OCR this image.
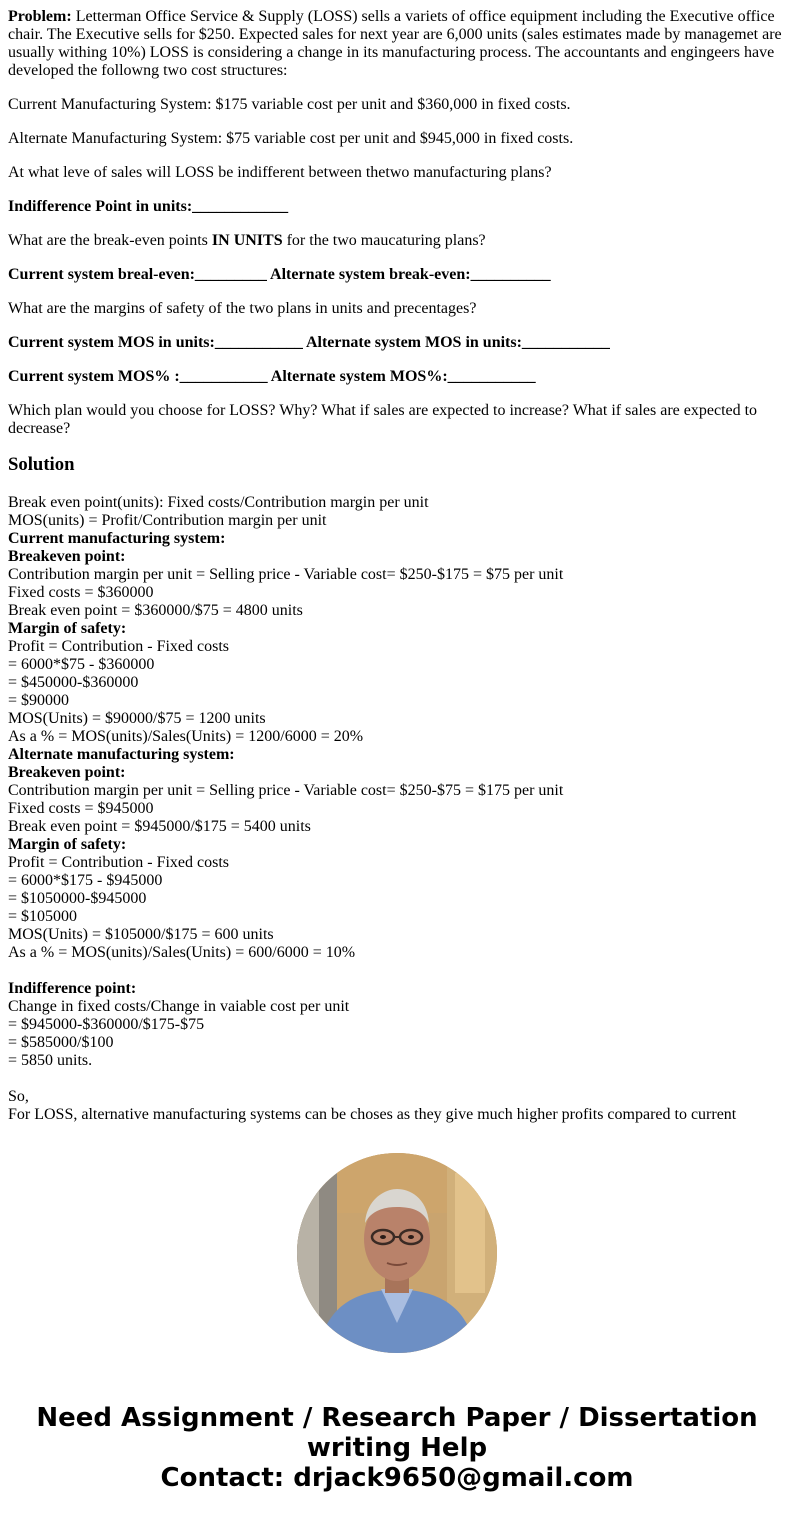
Problem: Letterman Office Service & Supply (LOSS) sells a variets of office equipment including the Executive office chair. The Executive sells for $250. Expected sales for next year are 6,000 units (sales estimates made by managemet are usually withing 10%) LOSS is considering a change in its manufacturing process. The accountants and engingeers have developed the followng two cost structures:

Current Manufacturing System: $175 variable cost per unit and $360,000 in fixed costs.

Alternate Manufacturing System: $75 variable cost per unit and $945,000 in fixed costs.

At what leve of sales will LOSS be indifferent between thetwo manufacturing plans?

Indifference Point in units:____________

What are the break-even points IN UNITS for the two maucaturing plans?

Current system breal-even:_________ Alternate system break-even:__________

What are the margins of safety of the two plans in units and precentages?

Current system MOS in units:___________ Alternate system MOS in units:___________

Current system MOS% :___________ Alternate system MOS%:___________

Which plan would you choose for LOSS? Why? What if sales are expected to increase? What if sales are expected to decrease?

Solution
Break even point(units): Fixed costs/Contribution margin per unit
MOS(units) = Profit/Contribution margin per unit
Current manufacturing system:
Breakeven point:
Contribution margin per unit = Selling price - Variable cost= $250-$175 = $75 per unit
Fixed costs = $360000
Break even point = $360000/$75 = 4800 units
Margin of safety:
Profit = Contribution - Fixed costs
= 6000*$75 - $360000
= $450000-$360000
= $90000
MOS(Units) = $90000/$75 = 1200 units
As a % = MOS(units)/Sales(Units) = 1200/6000 = 20%
Alternate manufacturing system:
Breakeven point:
Contribution margin per unit = Selling price - Variable cost= $250-$75 = $175 per unit
Fixed costs = $945000
Break even point = $945000/$175 = 5400 units
Margin of safety:
Profit = Contribution - Fixed costs
= 6000*$175 - $945000
= $1050000-$945000
= $105000
MOS(Units) = $105000/$175 = 600 units
As a % = MOS(units)/Sales(Units) = 600/6000 = 10%
Indifference point:
Change in fixed costs/Change in vaiable cost per unit
= $945000-$360000/$175-$75
= $585000/$100
= 5850 units.
So,
For LOSS, alternative manufacturing systems can be choses as they give much higher profits compared to current
Need Assignment / Research Paper / Dissertation
writing Help
Contact: drjack9650@gmail.com
